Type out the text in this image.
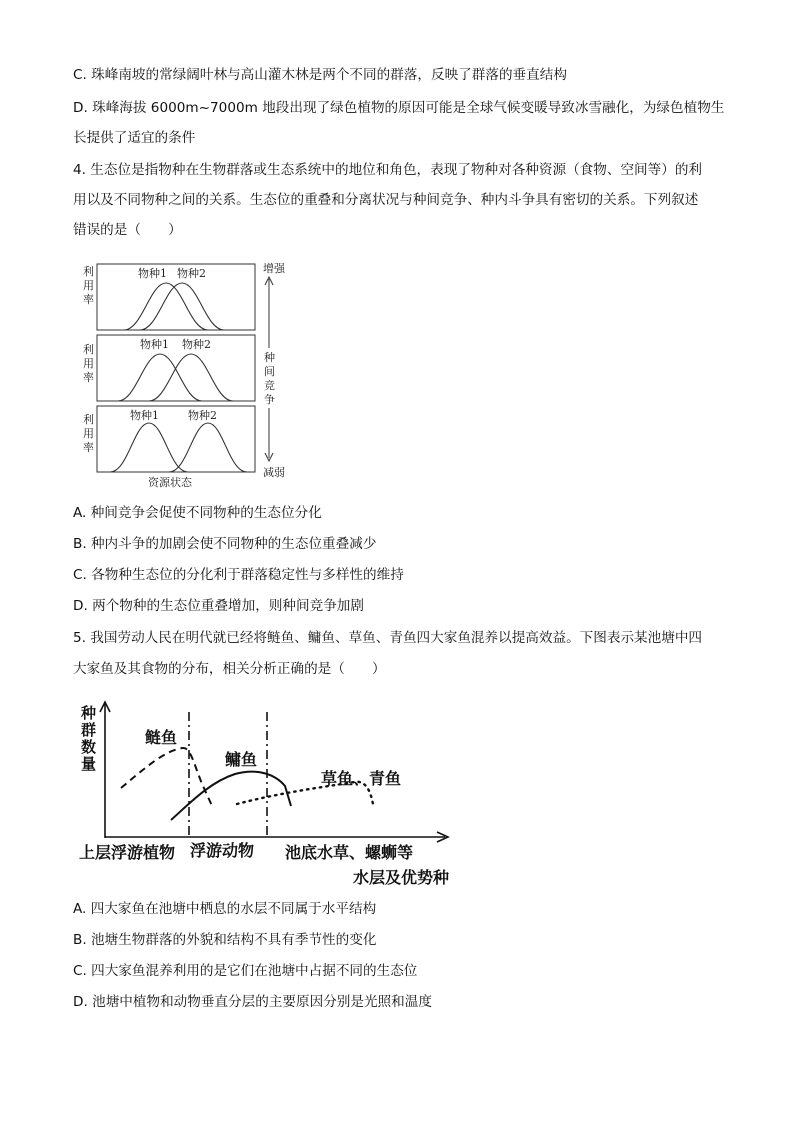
C. 珠峰南坡的常绿阔叶林与高山灌木林是两个不同的群落，反映了群落的垂直结构
D. 珠峰海拔 6000m~7000m 地段出现了绿色植物的原因可能是全球气候变暖导致冰雪融化，为绿色植物生
长提供了适宜的条件
4. 生态位是指物种在生物群落或生态系统中的地位和角色，表现了物种对各种资源（食物、空间等）的利
用以及不同物种之间的关系。生态位的重叠和分离状况与种间竞争、种内斗争具有密切的关系。下列叙述
错误的是（　　）
利
用
率
利
用
率
利
用
率
物种1 物种2
物种1 物种2
物种1	物种2
资源状态
增强
种
间
竞
争
减弱
A. 种间竞争会促使不同物种的生态位分化
B. 种内斗争的加剧会使不同物种的生态位重叠减少
C. 各物种生态位的分化利于群落稳定性与多样性的维持
D. 两个物种的生态位重叠增加，则种间竞争加剧
5. 我国劳动人民在明代就已经将鲢鱼、鳙鱼、草鱼、青鱼四大家鱼混养以提高效益。下图表示某池塘中四
大家鱼及其食物的分布，相关分析正确的是（　　）
种
群
数
量
鲢鱼
鳙鱼
草鱼、青鱼
上层浮游植物 浮游动物 池底水草、螺蛳等
水层及优势种
A. 四大家鱼在池塘中栖息的水层不同属于水平结构
B. 池塘生物群落的外貌和结构不具有季节性的变化
C. 四大家鱼混养利用的是它们在池塘中占据不同的生态位
D. 池塘中植物和动物垂直分层的主要原因分别是光照和温度
